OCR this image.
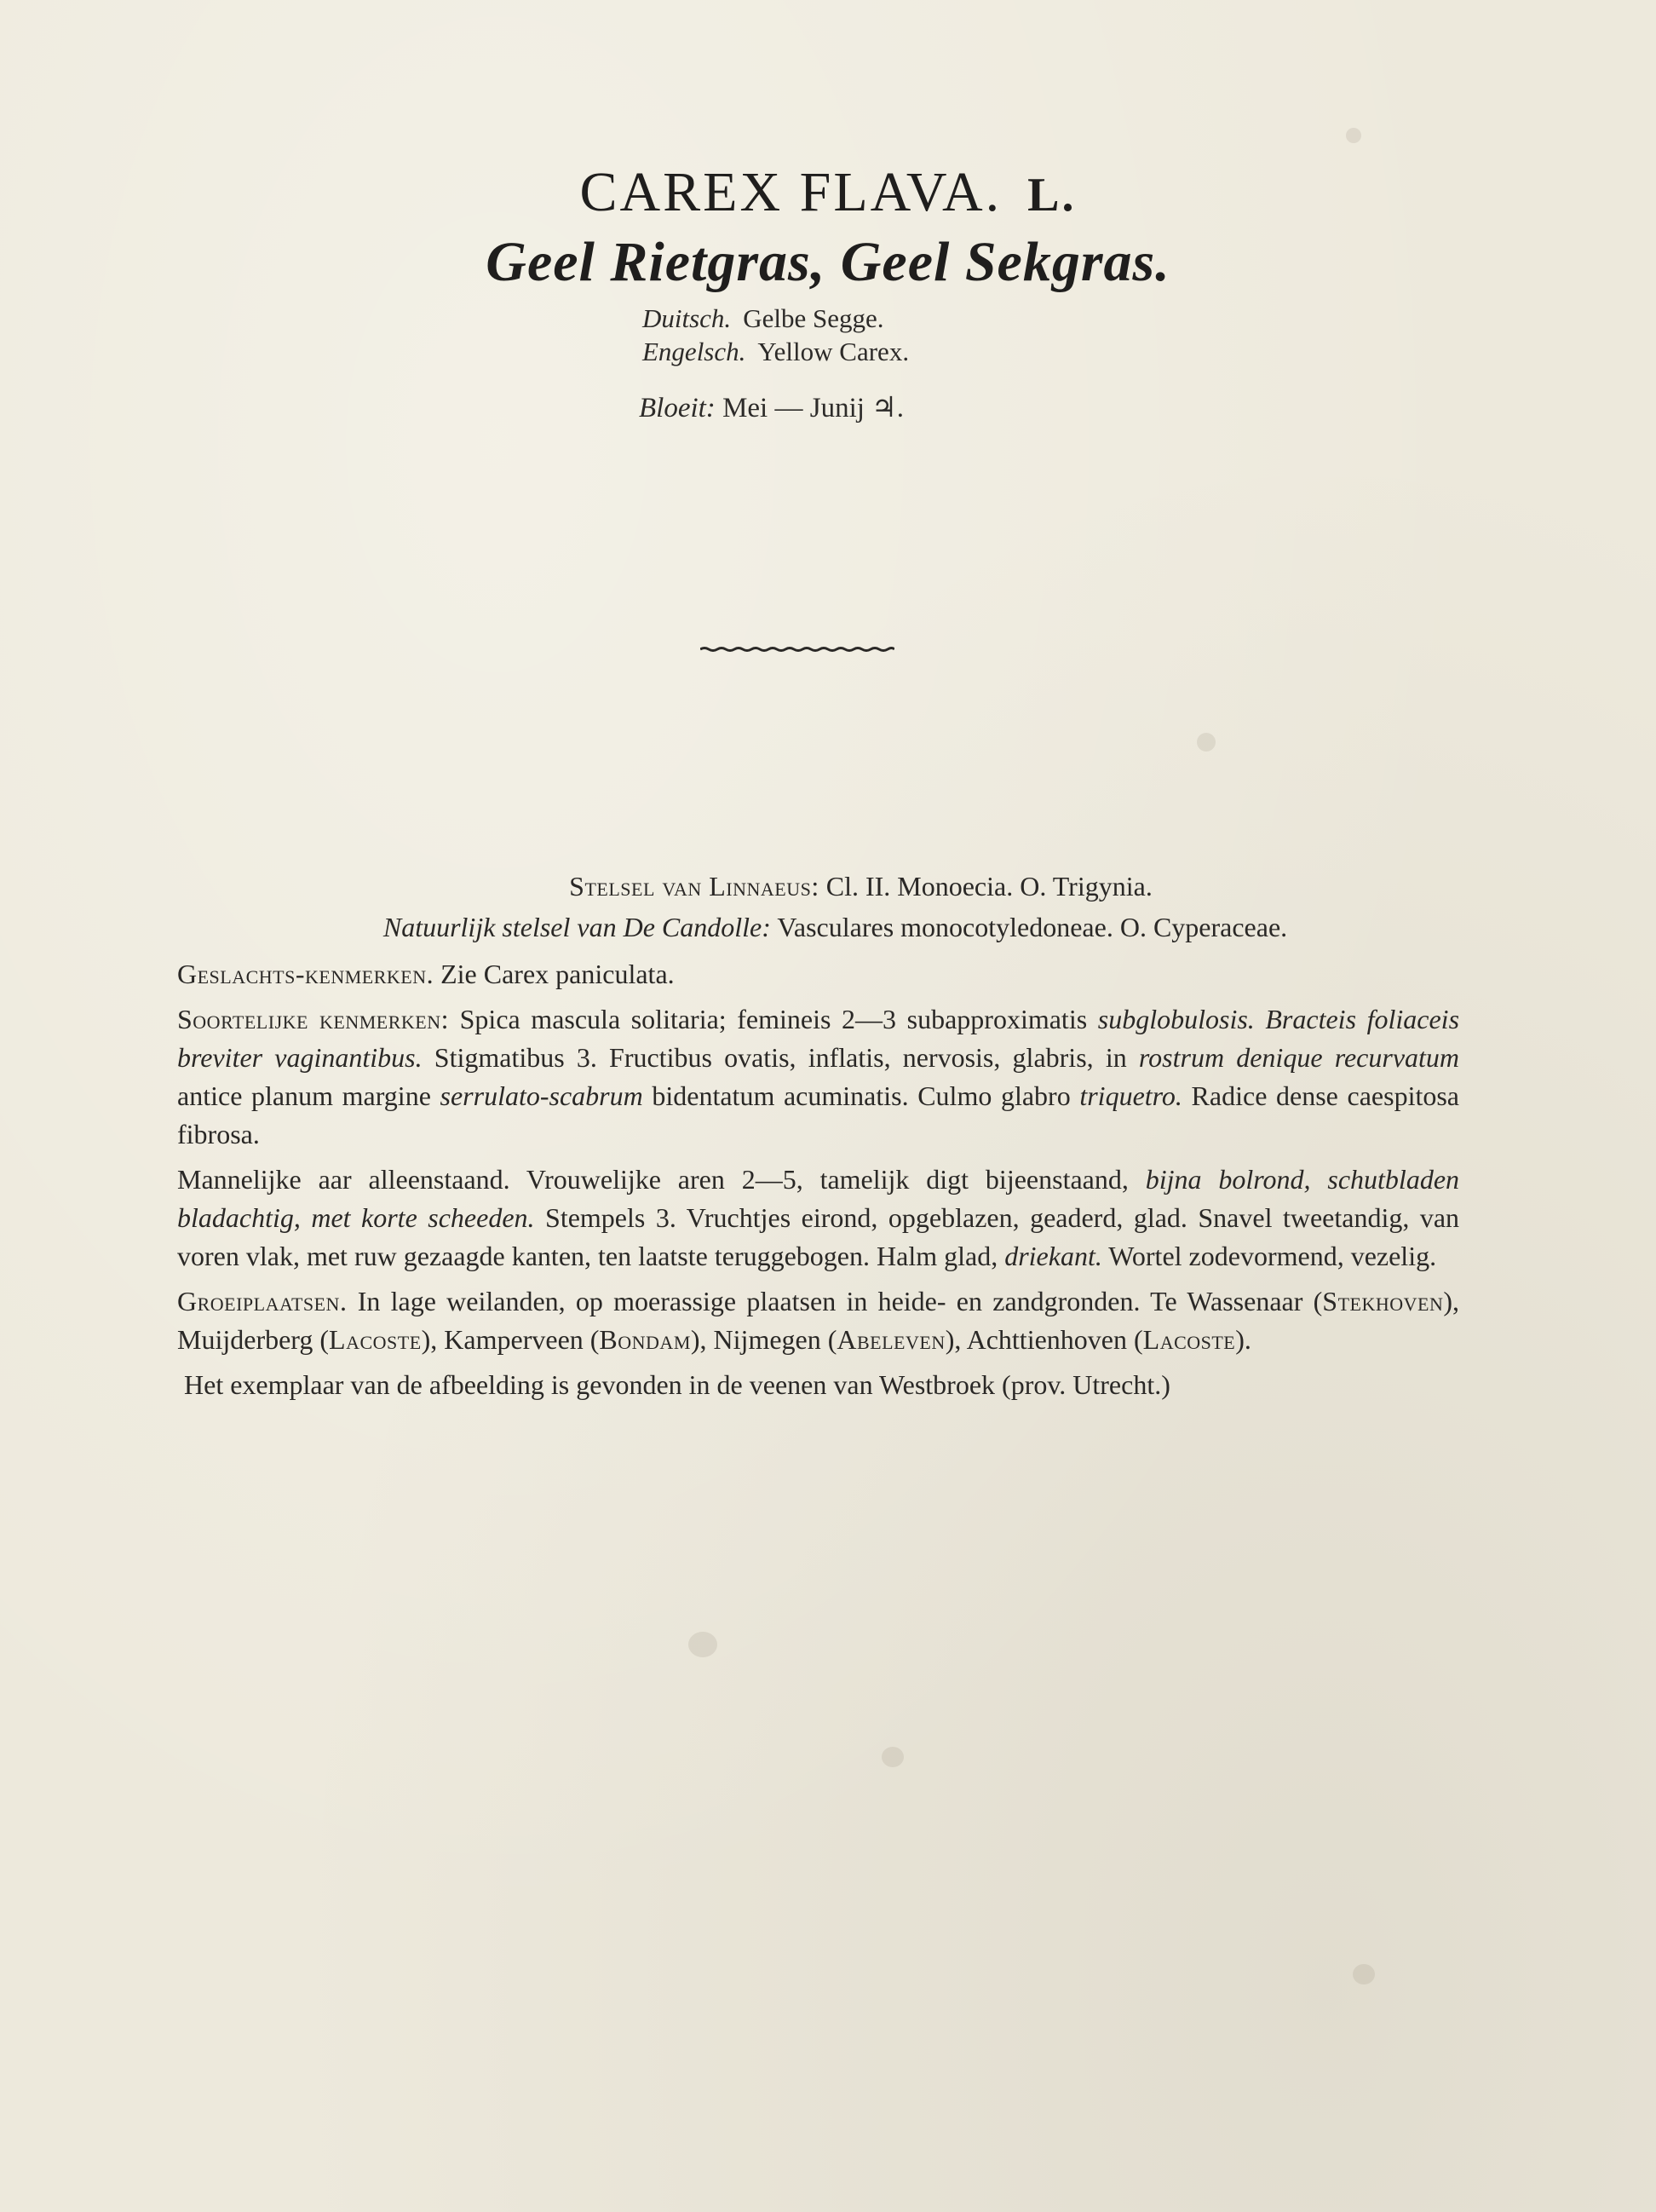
CAREX FLAVA. L.
Geel Rietgras, Geel Sekgras.
Duitsch. Gelbe Segge.
Engelsch. Yellow Carex.
Bloeit: Mei — Junij ♃.
Stelsel van Linnaeus: Cl. II. Monoecia. O. Trigynia.
Natuurlijk stelsel van De Candolle: Vasculares monocotyledoneae. O. Cyperaceae.

Geslachts-kenmerken. Zie Carex paniculata.

Soortelijke kenmerken: Spica mascula solitaria; femineis 2—3 subapproximatis subglobulosis. Bracteis foliaceis breviter vaginantibus. Stigmatibus 3. Fructibus ovatis, inflatis, nervosis, glabris, in rostrum denique recurvatum antice planum margine serrulato-scabrum bidentatum acuminatis. Culmo glabro triquetro. Radice dense caespitosa fibrosa.

Mannelijke aar alleenstaand. Vrouwelijke aren 2—5, tamelijk digt bijeenstaand, bijna bolrond, schutbladen bladachtig, met korte scheeden. Stempels 3. Vruchtjes eirond, opgeblazen, geaderd, glad. Snavel tweetandig, van voren vlak, met ruw gezaagde kanten, ten laatste teruggebogen. Halm glad, driekant. Wortel zodevormend, vezelig.

Groeiplaatsen. In lage weilanden, op moerassige plaatsen in heide- en zandgronden. Te Wassenaar (Stekhoven), Muijderberg (Lacoste), Kamperveen (Bondam), Nijmegen (Abeleven), Achttienhoven (Lacoste).

Het exemplaar van de afbeelding is gevonden in de veenen van Westbroek (prov. Utrecht.)
